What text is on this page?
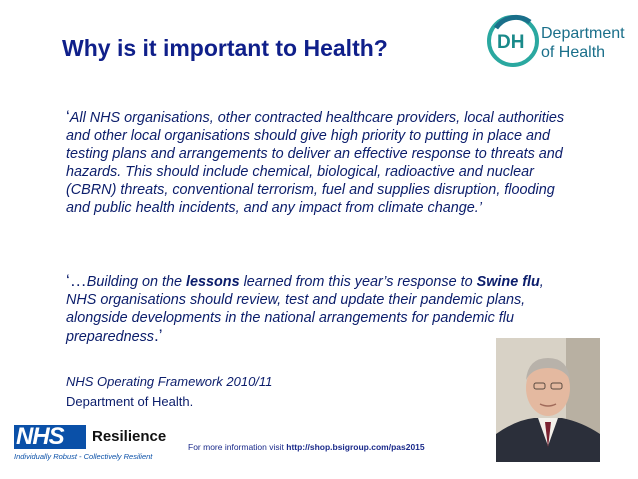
Why is it important to Health?	DH Department
of Health
‘All NHS organisations, other contracted healthcare providers, local authorities and other local organisations should give high priority to putting in place and testing plans and arrangements to deliver an effective response to threats and hazards. This should include chemical, biological, radioactive and nuclear (CBRN) threats, conventional terrorism, fuel and supplies disruption, flooding and public health incidents, and any impact from climate change.’
‘…Building on the lessons learned from this year’s response to Swine flu, NHS organisations should review, test and update their pandemic plans, alongside developments in the national arrangements for pandemic flu preparedness.’
NHS Operating Framework 2010/11
Department of Health.
NHS Resilience
Individually Robust - Collectively Resilient
For more information visit http://shop.bsigroup.com/pas2015
